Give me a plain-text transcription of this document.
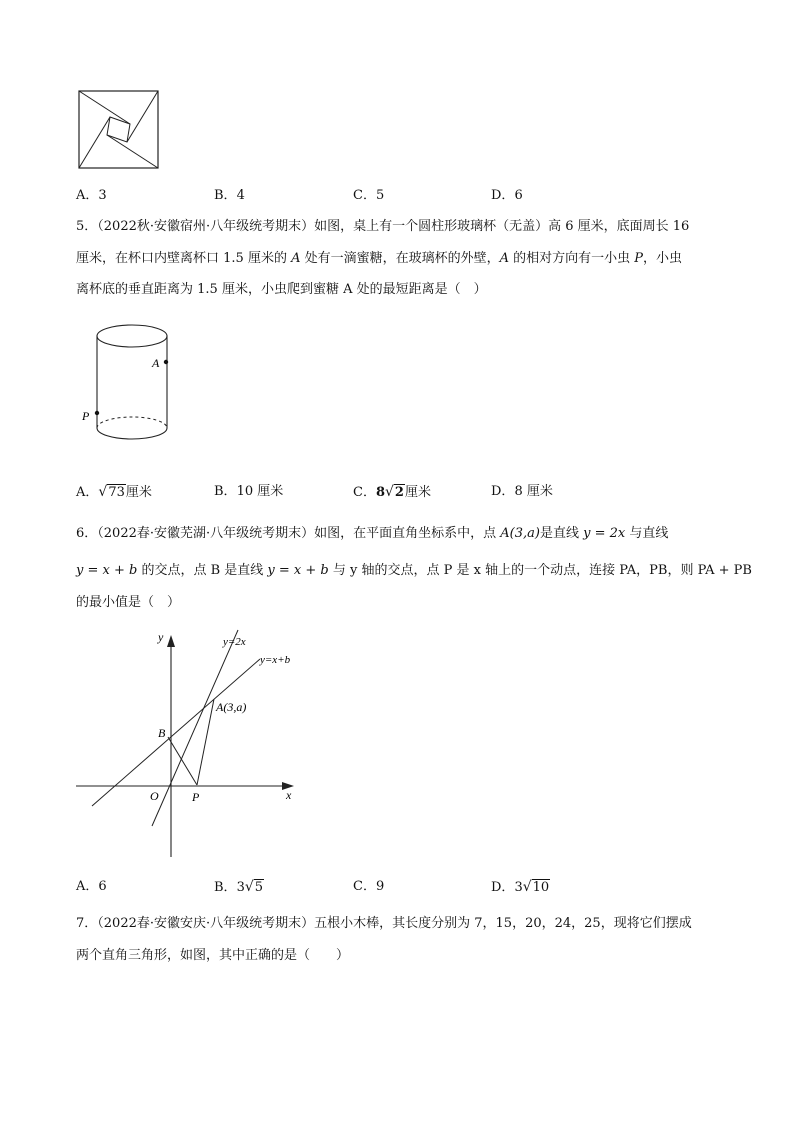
A．3	B．4	C．5	D．6
5．（2022秋·安徽宿州·八年级统考期末）如图，桌上有一个圆柱形玻璃杯（无盖）高 6 厘米，底面周长 16
厘米，在杯口内壁离杯口 1.5 厘米的 A 处有一滴蜜糖，在玻璃杯的外壁，A 的相对方向有一小虫 P，小虫
离杯底的垂直距离为 1.5 厘米，小虫爬到蜜糖 A 处的最短距离是（　）
A
P
A．√73厘米	B．10 厘米	C．8√2厘米	D．8 厘米
6．（2022春·安徽芜湖·八年级统考期末）如图，在平面直角坐标系中，点 A(3,a)是直线 y = 2x 与直线
y = x + b 的交点，点 B 是直线 y = x + b 与 y 轴的交点，点 P 是 x 轴上的一个动点，连接 PA，PB，则 PA + PB
的最小值是（　）
y
x
O
B
P
A(3,a)
y=2x
y=x+b
A．6	B．3√5	C．9	D．3√10
7．（2022春·安徽安庆·八年级统考期末）五根小木棒，其长度分别为 7，15，20，24，25，现将它们摆成
两个直角三角形，如图，其中正确的是（　　）
